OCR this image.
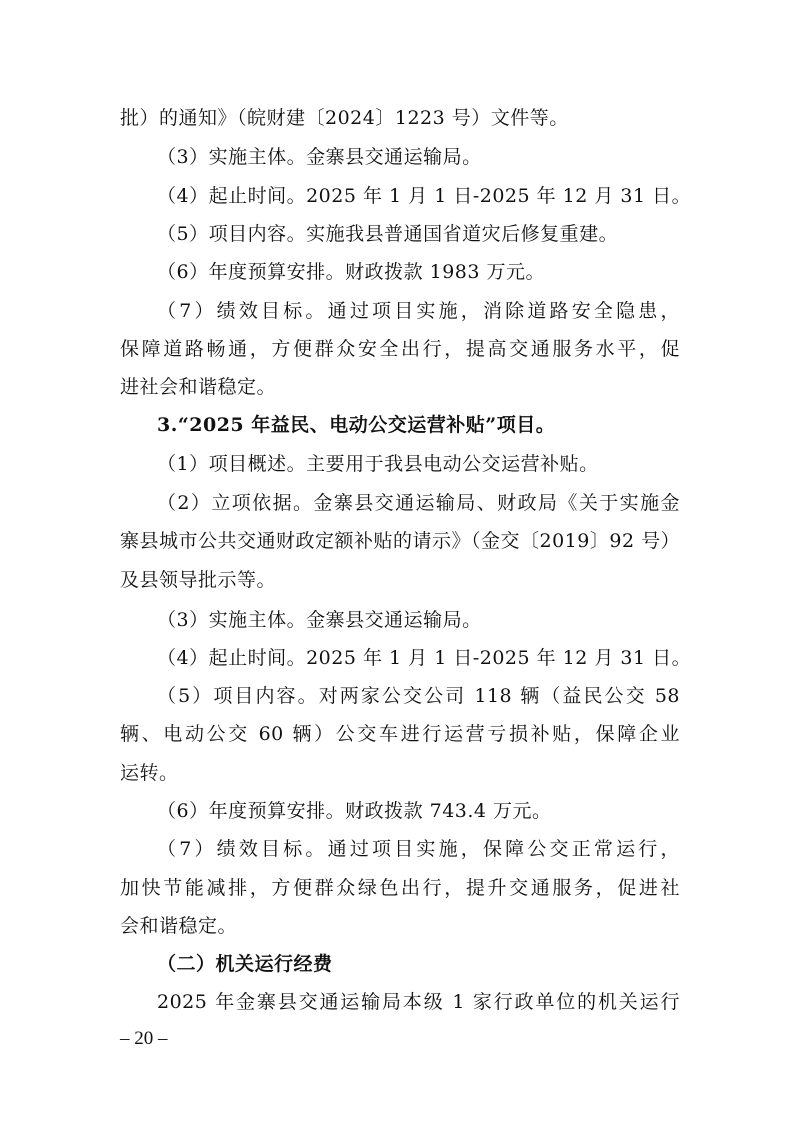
批）的通知》（皖财建〔2024〕1223 号）文件等。
（3）实施主体。金寨县交通运输局。
（4）起止时间。2025 年 1 月 1 日-2025 年 12 月 31 日。
（5）项目内容。实施我县普通国省道灾后修复重建。
（6）年度预算安排。财政拨款 1983 万元。
（7）绩效目标。通过项目实施，消除道路安全隐患，
保障道路畅通，方便群众安全出行，提高交通服务水平，促
进社会和谐稳定。
3.“2025 年益民、电动公交运营补贴”项目。
（1）项目概述。主要用于我县电动公交运营补贴。
（2）立项依据。金寨县交通运输局、财政局《关于实施金
寨县城市公共交通财政定额补贴的请示》（金交〔2019〕92 号）
及县领导批示等。
（3）实施主体。金寨县交通运输局。
（4）起止时间。2025 年 1 月 1 日-2025 年 12 月 31 日。
（5）项目内容。对两家公交公司 118 辆（益民公交 58
辆、电动公交 60 辆）公交车进行运营亏损补贴，保障企业
运转。
（6）年度预算安排。财政拨款 743.4 万元。
（7）绩效目标。通过项目实施，保障公交正常运行，
加快节能减排，方便群众绿色出行，提升交通服务，促进社
会和谐稳定。
（二）机关运行经费
2025 年金寨县交通运输局本级 1 家行政单位的机关运行
– 20 –
